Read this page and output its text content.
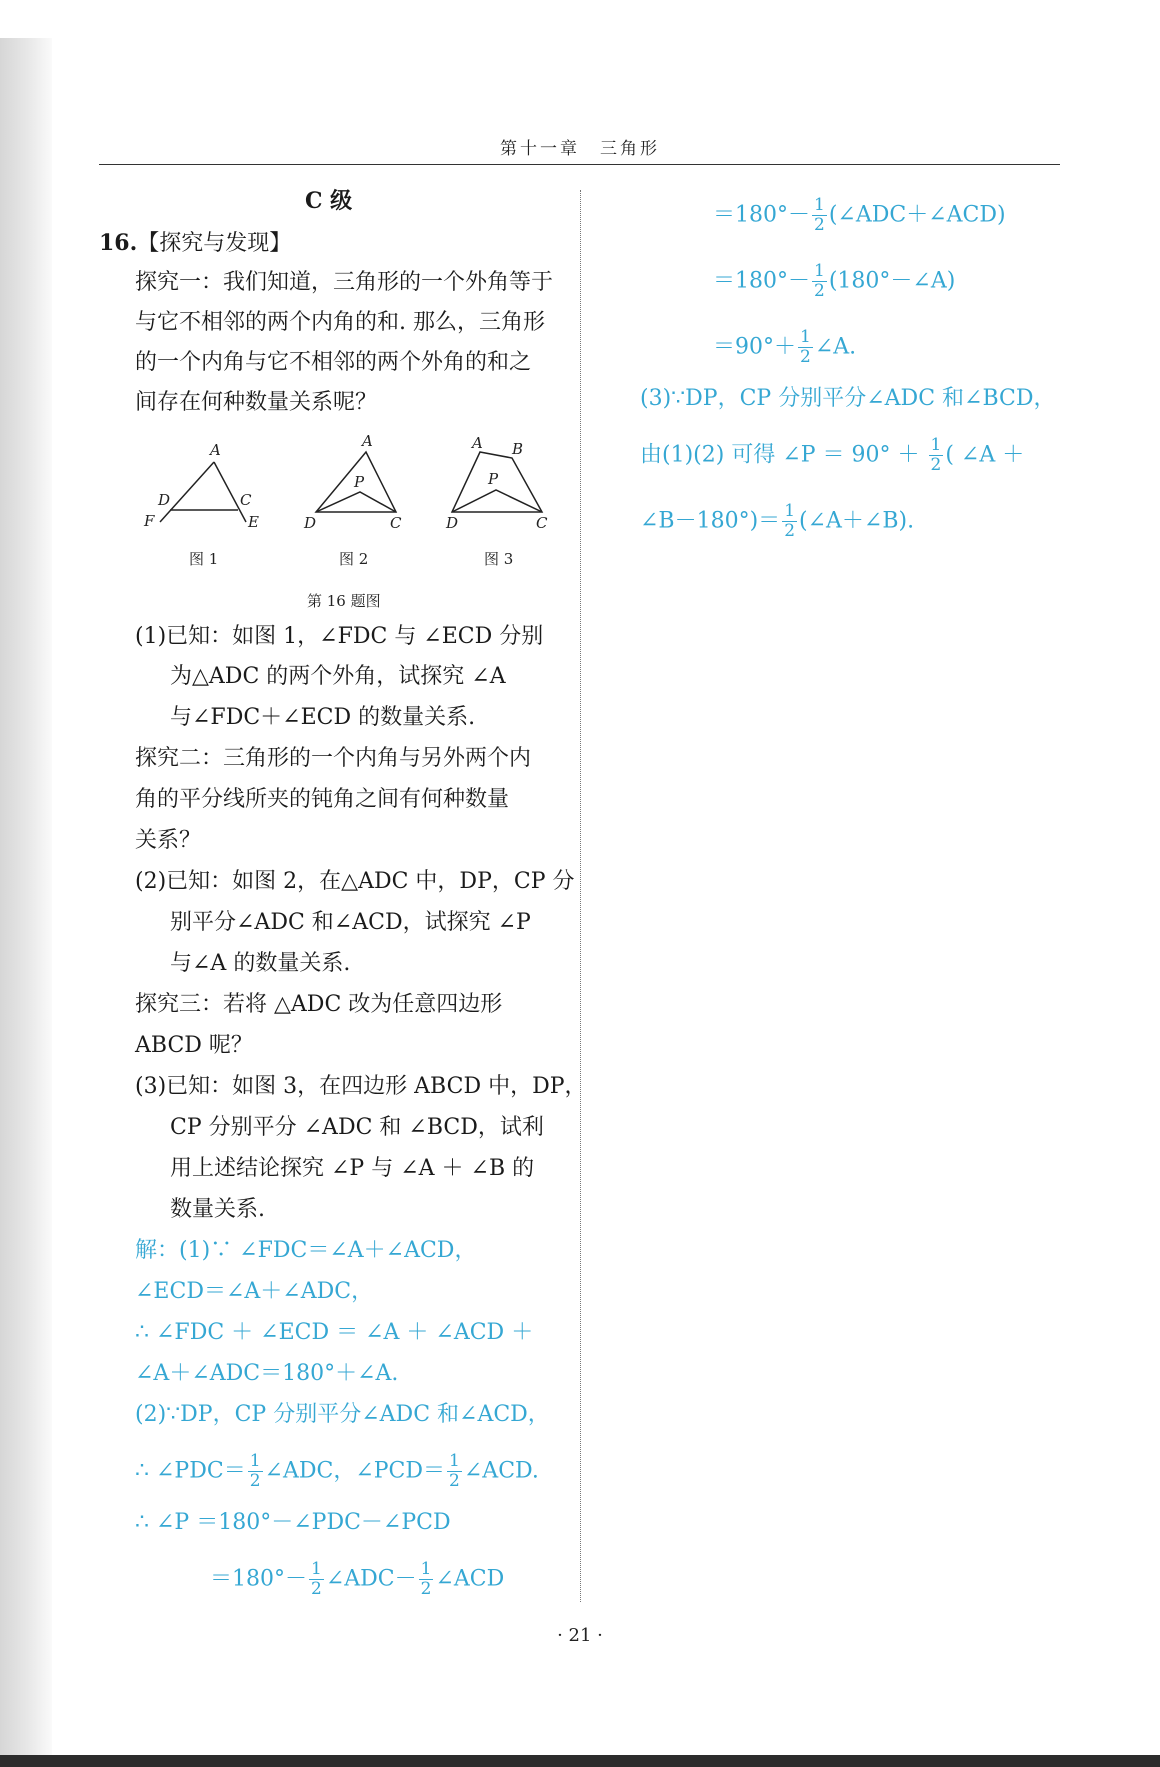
第十一章　三角形
C 级
16.【探究与发现】
探究一：我们知道，三角形的一个外角等于
与它不相邻的两个内角的和. 那么，三角形
的一个内角与它不相邻的两个外角的和之
间存在何种数量关系呢？
A
D
F
C
E
A
P
D	C
A B
P
D	C
图 1	图 2	图 3
第 16 题图
(1)已知：如图 1，∠FDC 与 ∠ECD 分别
为△ADC 的两个外角，试探究 ∠A
与∠FDC＋∠ECD 的数量关系.
探究二：三角形的一个内角与另外两个内
角的平分线所夹的钝角之间有何种数量
关系？
(2)已知：如图 2，在△ADC 中，DP，CP 分
别平分∠ADC 和∠ACD，试探究 ∠P
与∠A 的数量关系.
探究三：若将 △ADC 改为任意四边形
ABCD 呢？
(3)已知：如图 3，在四边形 ABCD 中，DP，
CP 分别平分 ∠ADC 和 ∠BCD，试利
用上述结论探究 ∠P 与 ∠A ＋ ∠B 的
数量关系.
解：(1)∵ ∠FDC＝∠A＋∠ACD，
∠ECD＝∠A＋∠ADC，
∴ ∠FDC ＋ ∠ECD ＝ ∠A ＋ ∠ACD ＋
∠A＋∠ADC＝180°＋∠A.
(2)∵DP，CP 分别平分∠ADC 和∠ACD，
∴ ∠PDC＝ $\frac{1}{2}$ ∠ADC，∠PCD＝ $\frac{1}{2}$ ∠ACD.
∴ ∠P ＝180°－∠PDC－∠PCD
$=180^\circ- \frac{1}{2}$ ∠ADC－ $\frac{1}{2}$ ∠ACD
$=180^\circ- \frac{1}{2}$ (∠ADC＋∠ACD)
$=180^\circ- \frac{1}{2}$ (180°－∠A)
$=90^\circ+ \frac{1}{2}$ ∠A.
(3)∵DP，CP 分别平分∠ADC 和∠BCD，
由(1)(2) 可得 ∠P ＝ $90^\circ + \frac{1}{2}$ ( ∠A ＋
∠B－180°)＝ $\frac{1}{2}$ (∠A＋∠B).
· 21 ·
